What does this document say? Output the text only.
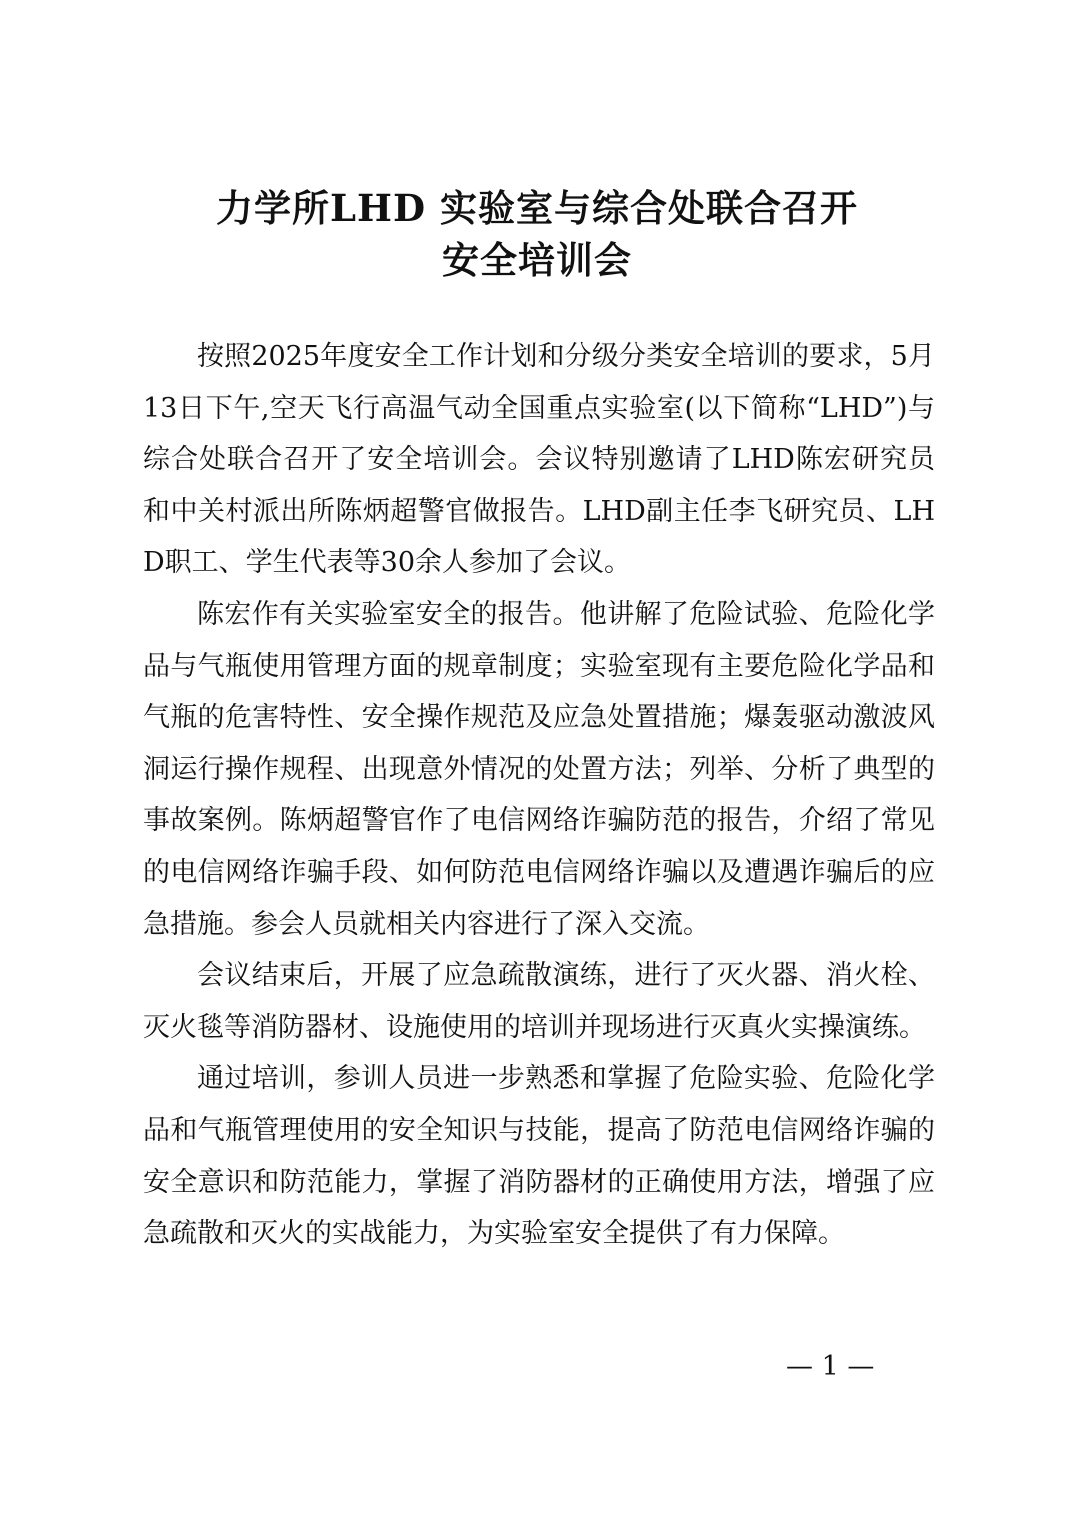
力学所LHD 实验室与综合处联合召开
安全培训会

按照2025年度安全工作计划和分级分类安全培训的要求，5月13日下午,空天飞行高温气动全国重点实验室(以下简称“LHD”)与综合处联合召开了安全培训会。会议特别邀请了LHD陈宏研究员和中关村派出所陈炳超警官做报告。LHD副主任李飞研究员、LHD职工、学生代表等30余人参加了会议。

陈宏作有关实验室安全的报告。他讲解了危险试验、危险化学品与气瓶使用管理方面的规章制度；实验室现有主要危险化学品和气瓶的危害特性、安全操作规范及应急处置措施；爆轰驱动激波风洞运行操作规程、出现意外情况的处置方法；列举、分析了典型的事故案例。陈炳超警官作了电信网络诈骗防范的报告，介绍了常见的电信网络诈骗手段、如何防范电信网络诈骗以及遭遇诈骗后的应急措施。参会人员就相关内容进行了深入交流。

会议结束后，开展了应急疏散演练，进行了灭火器、消火栓、灭火毯等消防器材、设施使用的培训并现场进行灭真火实操演练。

通过培训，参训人员进一步熟悉和掌握了危险实验、危险化学品和气瓶管理使用的安全知识与技能，提高了防范电信网络诈骗的安全意识和防范能力，掌握了消防器材的正确使用方法，增强了应急疏散和灭火的实战能力，为实验室安全提供了有力保障。

— 1 —
